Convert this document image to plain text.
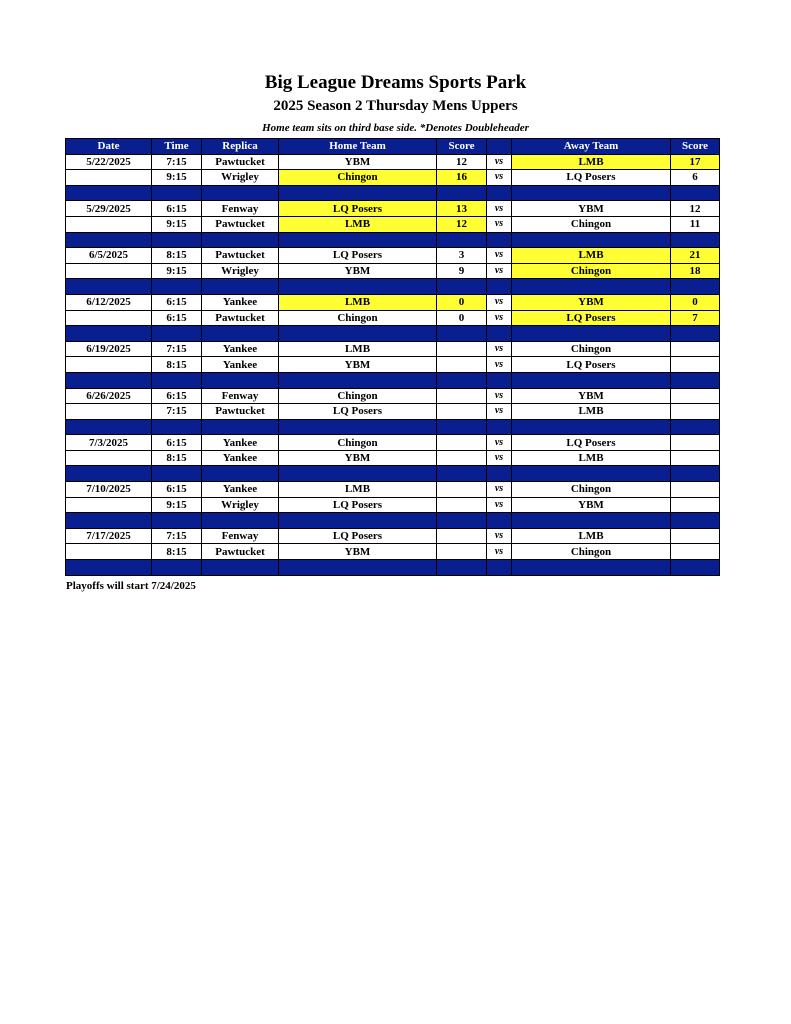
Big League Dreams Sports Park
2025 Season 2 Thursday Mens Uppers
Home team sits on third base side. *Denotes Doubleheader
Date	Time	Replica	Home Team	Score		Away Team	Score
5/22/2025	7:15	Pawtucket	YBM	12	vs	LMB	17
	9:15	Wrigley	Chingon	16	vs	LQ Posers	6

5/29/2025	6:15	Fenway	LQ Posers	13	vs	YBM	12
	9:15	Pawtucket	LMB	12	vs	Chingon	11

6/5/2025	8:15	Pawtucket	LQ Posers	3	vs	LMB	21
	9:15	Wrigley	YBM	9	vs	Chingon	18

6/12/2025	6:15	Yankee	LMB	0	vs	YBM	0
	6:15	Pawtucket	Chingon	0	vs	LQ Posers	7

6/19/2025	7:15	Yankee	LMB		vs	Chingon	
	8:15	Yankee	YBM		vs	LQ Posers	

6/26/2025	6:15	Fenway	Chingon		vs	YBM	
	7:15	Pawtucket	LQ Posers		vs	LMB	

7/3/2025	6:15	Yankee	Chingon		vs	LQ Posers	
	8:15	Yankee	YBM		vs	LMB	

7/10/2025	6:15	Yankee	LMB		vs	Chingon	
	9:15	Wrigley	LQ Posers		vs	YBM	

7/17/2025	7:15	Fenway	LQ Posers		vs	LMB	
	8:15	Pawtucket	YBM		vs	Chingon	

Playoffs will start 7/24/2025
